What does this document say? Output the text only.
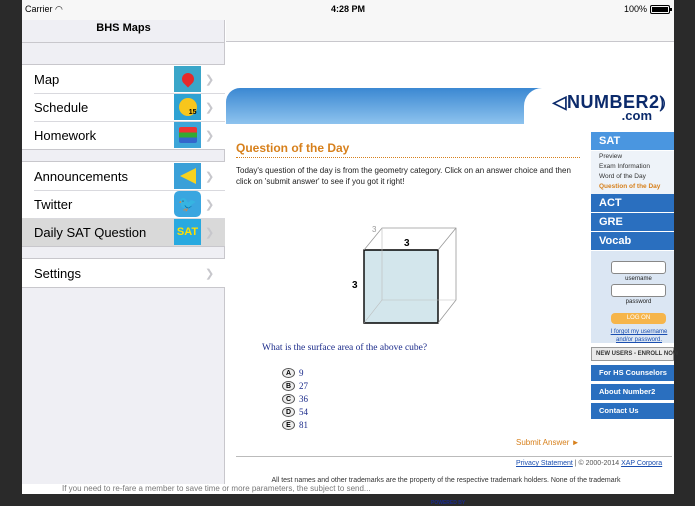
BHS Maps
Map	❯
Schedule	15 ❯
Homework	❯
Announcements	❯
Twitter	🐦 ❯
Daily SAT Question	SAT ❯
Settings	❯
Carrier ◠	4:28 PM	100%
◁NUMBER2⦆
.com
Question of the Day
Today's question of the day is from the geometry category. Click on an answer choice and then click on 'submit answer' to see if you got it right!
3
3
3
What is the surface area of the above cube?
A 9
B 27
C 36
D 54
E 81
Submit Answer ►
Privacy Statement | © 2000-2014 XAP Corpora
All test names and other trademarks are the property of the respective trademark holders. None of the trademark
POWERED BY
SAT
Preview
Exam Information
Word of the Day
Question of the Day
ACT
GRE
Vocab
username
password
LOG ON
I forgot my username and/or password.
NEW USERS - ENROLL NOW
For HS Counselors
About Number2
Contact Us
If you need to re-fare a member to save time or more parameters, the subject to send...
